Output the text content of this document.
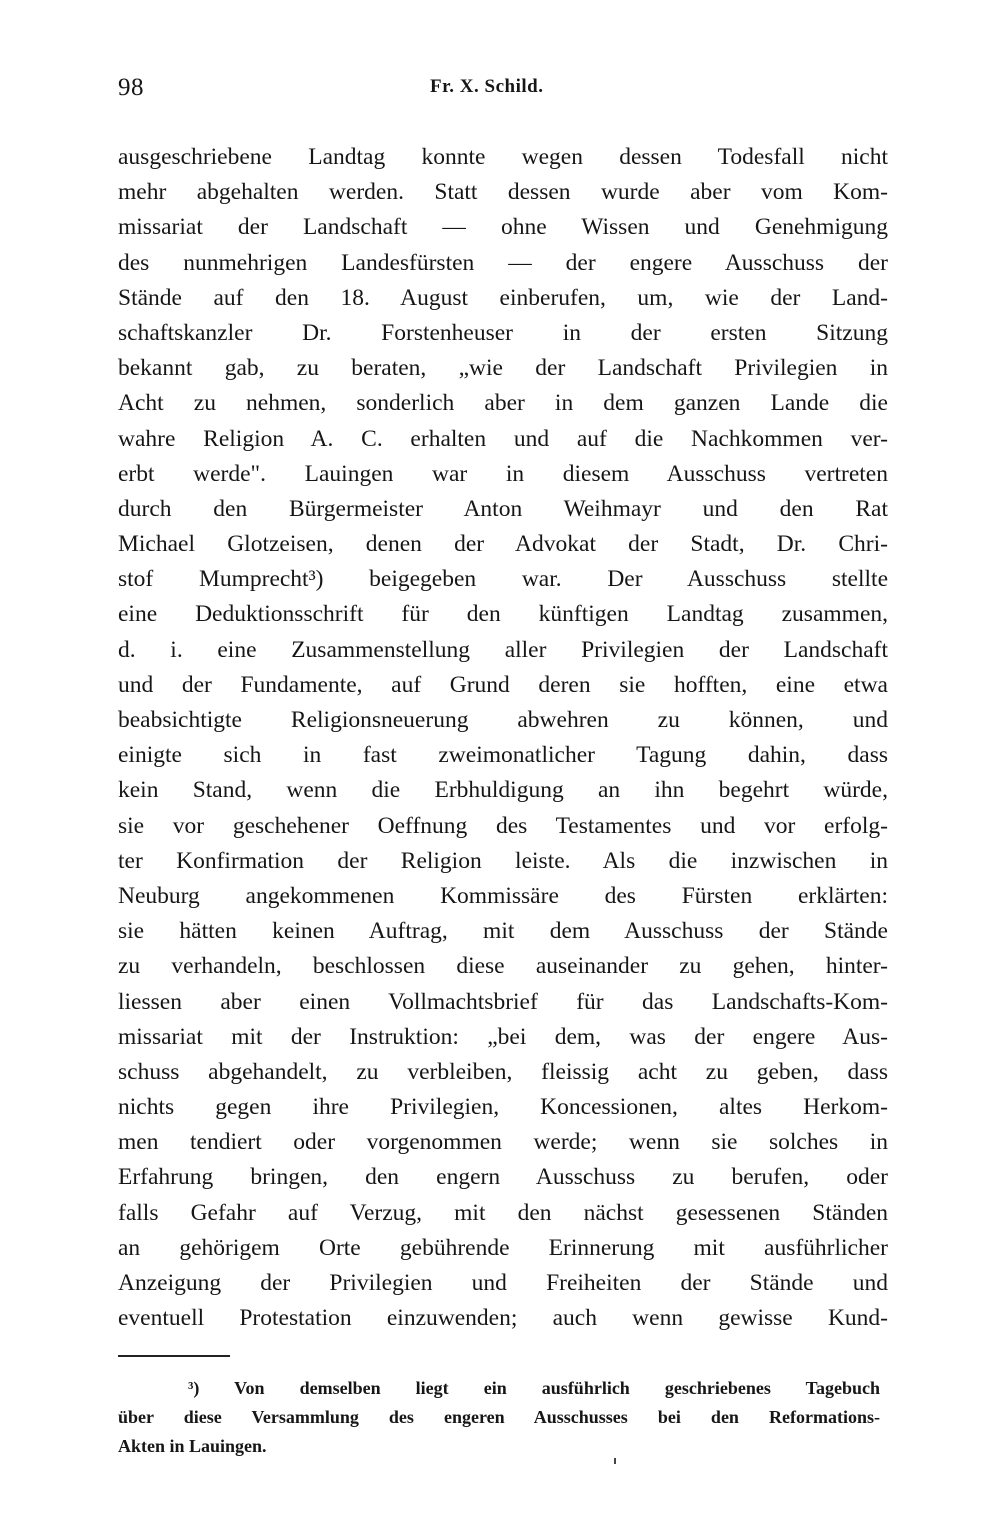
98	Fr. X. Schild.
ausgeschriebene Landtag konnte wegen dessen Todesfall nicht
mehr abgehalten werden. Statt dessen wurde aber vom Kom-
missariat der Landschaft — ohne Wissen und Genehmigung
des nunmehrigen Landesfürsten — der engere Ausschuss der
Stände auf den 18. August einberufen, um, wie der Land-
schaftskanzler Dr. Forstenheuser in der ersten Sitzung
bekannt gab, zu beraten, „wie der Landschaft Privilegien in
Acht zu nehmen, sonderlich aber in dem ganzen Lande die
wahre Religion A. C. erhalten und auf die Nachkommen ver-
erbt werde". Lauingen war in diesem Ausschuss vertreten
durch den Bürgermeister Anton Weihmayr und den Rat
Michael Glotzeisen, denen der Advokat der Stadt, Dr. Chri-
stof Mumprecht³) beigegeben war. Der Ausschuss stellte
eine Deduktionsschrift für den künftigen Landtag zusammen,
d. i. eine Zusammenstellung aller Privilegien der Landschaft
und der Fundamente, auf Grund deren sie hofften, eine etwa
beabsichtigte Religionsneuerung abwehren zu können, und
einigte sich in fast zweimonatlicher Tagung dahin, dass
kein Stand, wenn die Erbhuldigung an ihn begehrt würde,
sie vor geschehener Oeffnung des Testamentes und vor erfolg-
ter Konfirmation der Religion leiste. Als die inzwischen in
Neuburg angekommenen Kommissäre des Fürsten erklärten:
sie hätten keinen Auftrag, mit dem Ausschuss der Stände
zu verhandeln, beschlossen diese auseinander zu gehen, hinter-
liessen aber einen Vollmachtsbrief für das Landschafts-Kom-
missariat mit der Instruktion: „bei dem, was der engere Aus-
schuss abgehandelt, zu verbleiben, fleissig acht zu geben, dass
nichts gegen ihre Privilegien, Koncessionen, altes Herkom-
men tendiert oder vorgenommen werde; wenn sie solches in
Erfahrung bringen, den engern Ausschuss zu berufen, oder
falls Gefahr auf Verzug, mit den nächst gesessenen Ständen
an gehörigem Orte gebührende Erinnerung mit ausführlicher
Anzeigung der Privilegien und Freiheiten der Stände und
eventuell Protestation einzuwenden; auch wenn gewisse Kund-
³) Von demselben liegt ein ausführlich geschriebenes Tagebuch
über diese Versammlung des engeren Ausschusses bei den Reformations-
Akten in Lauingen.
